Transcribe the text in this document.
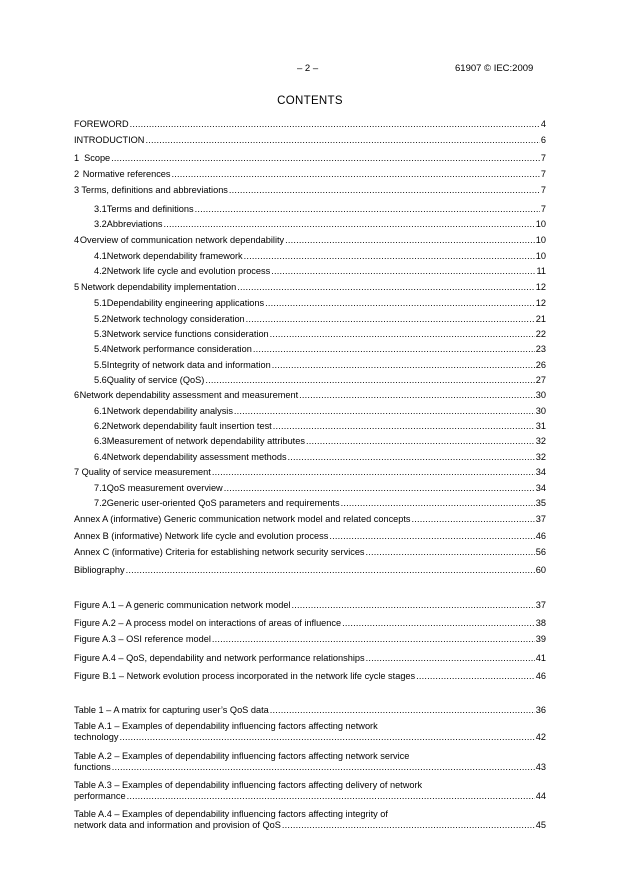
– 2 –	61907 © IEC:2009
CONTENTS
FOREWORD .....	4
INTRODUCTION .....	6
1 Scope .....	7
2 Normative references .....	7
3 Terms, definitions and abbreviations .....	7
3.1 Terms and definitions .....	7
3.2 Abbreviations .....	10
4 Overview of communication network dependability .....	10
4.1 Network dependability framework .....	10
4.2 Network life cycle and evolution process .....	11
5 Network dependability implementation .....	12
5.1 Dependability engineering applications .....	12
5.2 Network technology consideration .....	21
5.3 Network service functions consideration .....	22
5.4 Network performance consideration .....	23
5.5 Integrity of network data and information .....	26
5.6 Quality of service (QoS) .....	27
6 Network dependability assessment and measurement .....	30
6.1 Network dependability analysis .....	30
6.2 Network dependability fault insertion test .....	31
6.3 Measurement of network dependability attributes .....	32
6.4 Network dependability assessment methods .....	32
7 Quality of service measurement .....	34
7.1 QoS measurement overview .....	34
7.2 Generic user-oriented QoS parameters and requirements .....	35
Annex A (informative) Generic communication network model and related concepts .....	37
Annex B (informative) Network life cycle and evolution process .....	46
Annex C (informative) Criteria for establishing network security services .....	56
Bibliography .....	60
Figure A.1 – A generic communication network model .....	37
Figure A.2 – A process model on interactions of areas of influence .....	38
Figure A.3 – OSI reference model .....	39
Figure A.4 – QoS, dependability and network performance relationships .....	41
Figure B.1 – Network evolution process incorporated in the network life cycle stages .....	46
Table 1 – A matrix for capturing user’s QoS data .....	36
Table A.1 – Examples of dependability influencing factors affecting network
technology .....	42
Table A.2 – Examples of dependability influencing factors affecting network service
functions .....	43
Table A.3 – Examples of dependability influencing factors affecting delivery of network
performance .....	44
Table A.4 – Examples of dependability influencing factors affecting integrity of
network data and information and provision of QoS .....	45
